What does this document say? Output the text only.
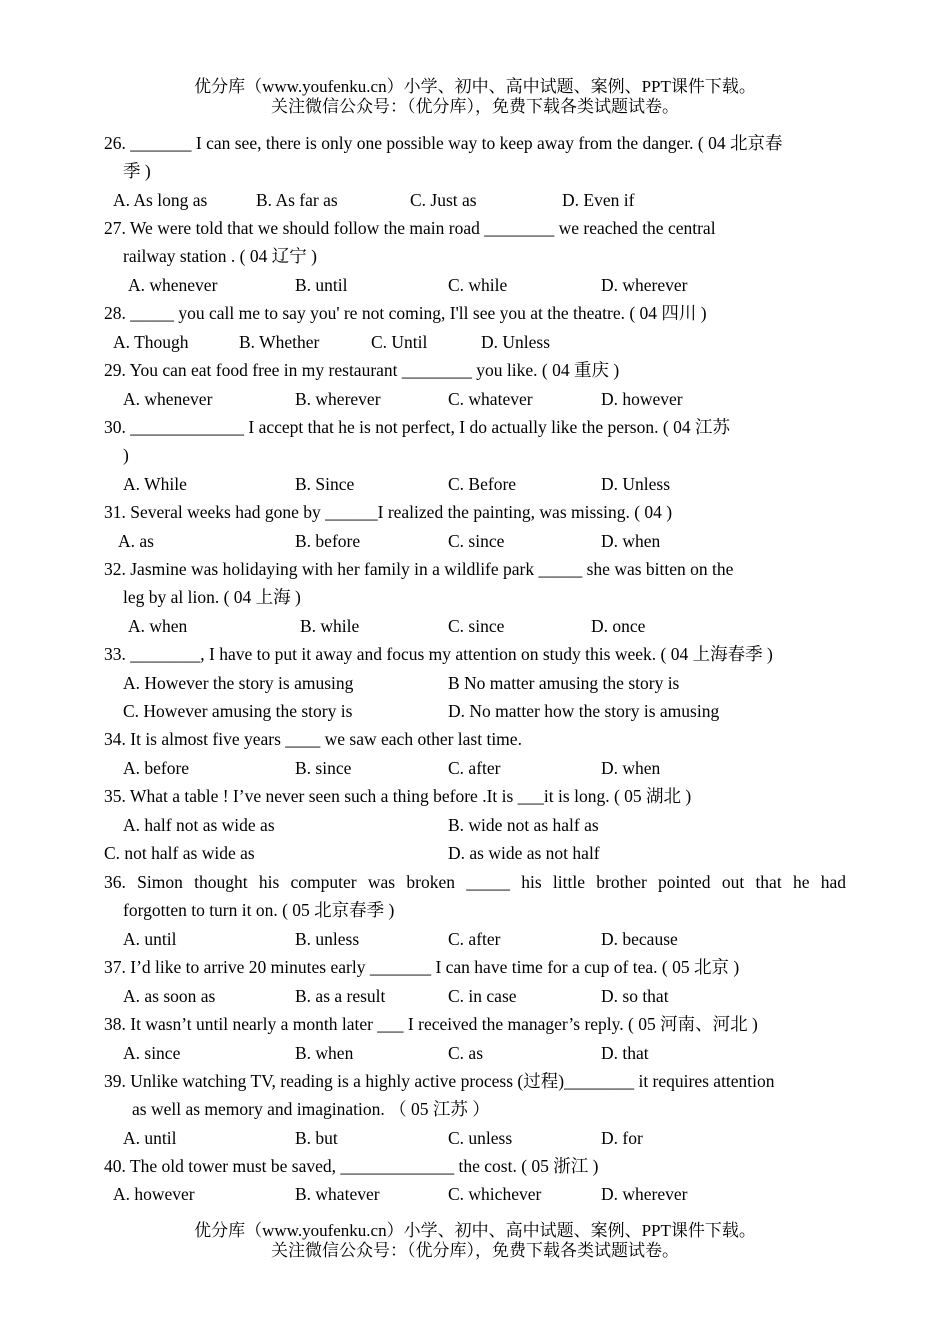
优分库（www.youfenku.cn）小学、初中、高中试题、案例、PPT课件下载。
关注微信公众号：（优分库），免费下载各类试题试卷。
26. _______ I can see, there is only one possible way to keep away from the danger. ( 04 北京春
季 )
A. As long as	B. As far as	C. Just as	D. Even if
27. We were told that we should follow the main road ________ we reached the central
railway station . ( 04 辽宁 )
A. whenever	B. until	C. while	D. wherever
28. _____ you call me to say you' re not coming, I'll see you at the theatre. ( 04 四川 )
A. Though	B. Whether	C. Until	D. Unless
29. You can eat food free in my restaurant ________ you like. ( 04 重庆 )
A. whenever	B. wherever	C. whatever	D. however
30. _____________ I accept that he is not perfect, I do actually like the person. ( 04 江苏
)
A. While	B. Since	C. Before	D. Unless
31. Several weeks had gone by ______I realized the painting, was missing. ( 04 )
A. as	B. before	C. since	D. when
32. Jasmine was holidaying with her family in a wildlife park _____ she was bitten on the
leg by al lion. ( 04 上海 )
A. when	B. while	C. since	D. once
33. ________, I have to put it away and focus my attention on study this week. ( 04 上海春季 )
A. However the story is amusing	B No matter amusing the story is
C. However amusing the story is	D. No matter how the story is amusing
34. It is almost five years ____ we saw each other last time.
A. before	B. since	C. after	D. when
35. What a table ! I’ve never seen such a thing before .It is ___it is long. ( 05 湖北 )
A. half not as wide as	B. wide not as half as
C. not half as wide as	D. as wide as not half
36. Simon thought his computer was broken _____ his little brother pointed out that he had
forgotten to turn it on. ( 05 北京春季 )
A. until	B. unless	C. after	D. because
37. I’d like to arrive 20 minutes early _______ I can have time for a cup of tea. ( 05 北京 )
A. as soon as	B. as a result	C. in case	D. so that
38. It wasn’t until nearly a month later ___ I received the manager’s reply. ( 05 河南、河北 )
A. since	B. when	C. as	D. that
39. Unlike watching TV, reading is a highly active process (过程)________ it requires attention
as well as memory and imagination. （ 05 江苏 ）
A. until	B. but	C. unless	D. for
40. The old tower must be saved, _____________ the cost. ( 05 浙江 )
A. however	B. whatever	C. whichever	D. wherever
优分库（www.youfenku.cn）小学、初中、高中试题、案例、PPT课件下载。
关注微信公众号：（优分库），免费下载各类试题试卷。
